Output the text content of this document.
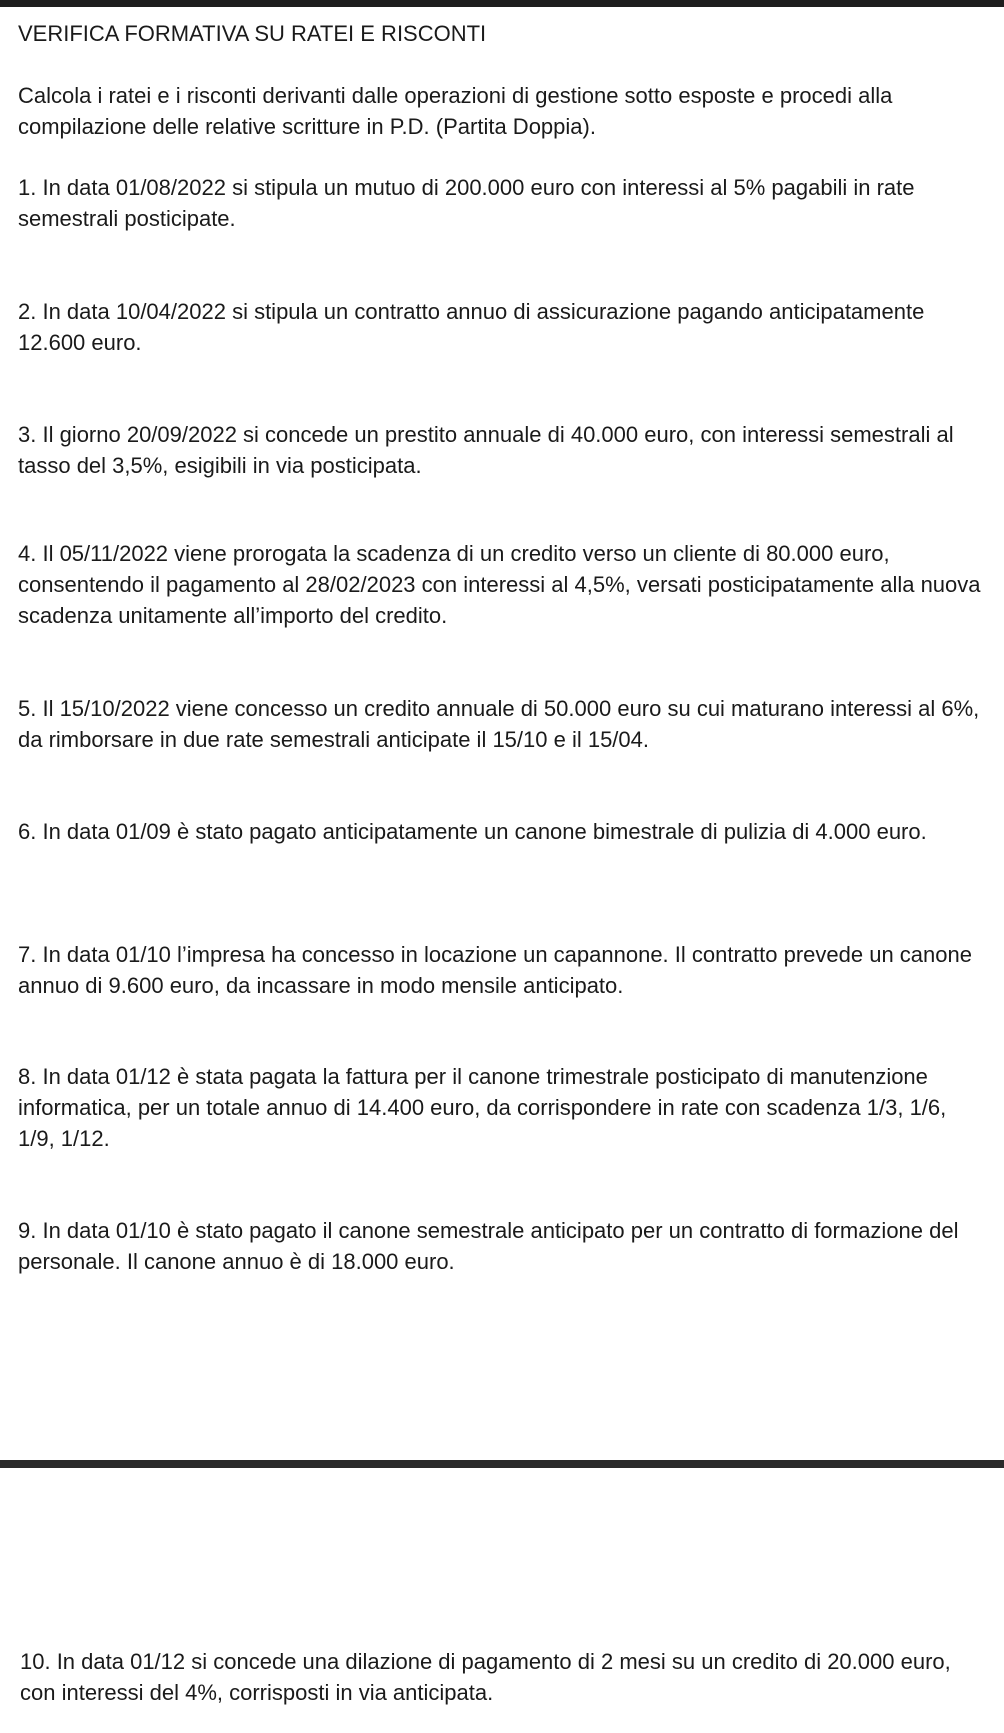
VERIFICA FORMATIVA SU RATEI E RISCONTI

Calcola i ratei e i risconti derivanti dalle operazioni di gestione sotto esposte e procedi alla compilazione delle relative scritture in P.D. (Partita Doppia).

1. In data 01/08/2022 si stipula un mutuo di 200.000 euro con interessi al 5% pagabili in rate semestrali posticipate.

2. In data 10/04/2022 si stipula un contratto annuo di assicurazione pagando anticipatamente 12.600 euro.

3. Il giorno 20/09/2022 si concede un prestito annuale di 40.000 euro, con interessi semestrali al tasso del 3,5%, esigibili in via posticipata.

4. Il 05/11/2022 viene prorogata la scadenza di un credito verso un cliente di 80.000 euro, consentendo il pagamento al 28/02/2023 con interessi al 4,5%, versati posticipatamente alla nuova scadenza unitamente all’importo del credito.

5. Il 15/10/2022 viene concesso un credito annuale di 50.000 euro su cui maturano interessi al 6%, da rimborsare in due rate semestrali anticipate il 15/10 e il 15/04.

6. In data 01/09 è stato pagato anticipatamente un canone bimestrale di pulizia di 4.000 euro.

7. In data 01/10 l’impresa ha concesso in locazione un capannone. Il contratto prevede un canone annuo di 9.600 euro, da incassare in modo mensile anticipato.

8. In data 01/12 è stata pagata la fattura per il canone trimestrale posticipato di manutenzione informatica, per un totale annuo di 14.400 euro, da corrispondere in rate con scadenza 1/3, 1/6, 1/9, 1/12.

9. In data 01/10 è stato pagato il canone semestrale anticipato per un contratto di formazione del personale. Il canone annuo è di 18.000 euro.

10. In data 01/12 si concede una dilazione di pagamento di 2 mesi su un credito di 20.000 euro, con interessi del 4%, corrisposti in via anticipata.
